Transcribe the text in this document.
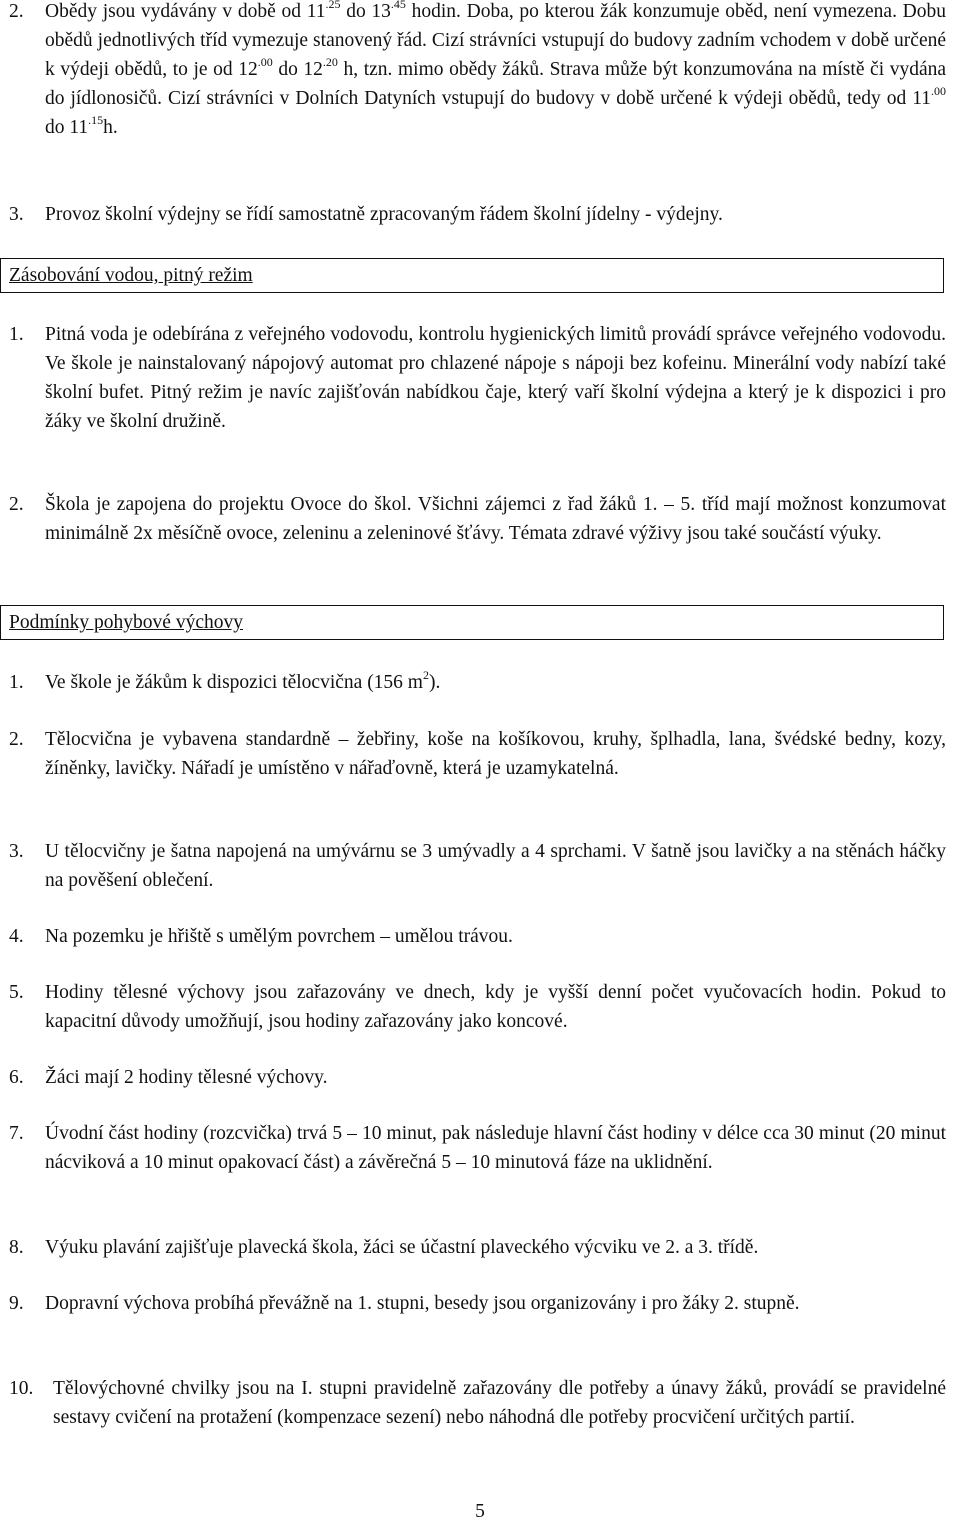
2. Obědy jsou vydávány v době od $11^{.25}$ do $13^{.45}$ hodin. Doba, po kterou žák konzumuje oběd, není vymezena. Dobu obědů jednotlivých tříd vymezuje stanovený řád. Cizí strávníci vstupují do budovy zadním vchodem v době určené k výdeji obědů, to je od $12^{.00}$ do $12^{.20}$ h, tzn. mimo obědy žáků. Strava může být konzumována na místě či vydána do jídlonosičů. Cizí strávníci v Dolních Datyních vstupují do budovy v době určené k výdeji obědů, tedy od $11^{.00}$ do $11^{.15}h$.
3. Provoz školní výdejny se řídí samostatně zpracovaným řádem školní jídelny - výdejny.
Zásobování vodou, pitný režim
1. Pitná voda je odebírána z veřejného vodovodu, kontrolu hygienických limitů provádí správce veřejného vodovodu. Ve škole je nainstalovaný nápojový automat pro chlazené nápoje s nápoji bez kofeinu. Minerální vody nabízí také školní bufet. Pitný režim je navíc zajišťován nabídkou čaje, který vaří školní výdejna a který je k dispozici i pro žáky ve školní družině.
2. Škola je zapojena do projektu Ovoce do škol. Všichni zájemci z řad žáků 1. – 5. tříd mají možnost konzumovat minimálně 2x měsíčně ovoce, zeleninu a zeleninové šťávy. Témata zdravé výživy jsou také součástí výuky.
Podmínky pohybové výchovy
1. Ve škole je žákům k dispozici tělocvična (156 $m^2$).
2. Tělocvična je vybavena standardně – žebřiny, koše na košíkovou, kruhy, šplhadla, lana, švédské bedny, kozy, žíněnky, lavičky. Nářadí je umístěno v nářaďovně, která je uzamykatelná.
3. U tělocvičny je šatna napojená na umývárnu se 3 umývadly a 4 sprchami. V šatně jsou lavičky a na stěnách háčky na pověšení oblečení.
4. Na pozemku je hřiště s umělým povrchem – umělou trávou.
5. Hodiny tělesné výchovy jsou zařazovány ve dnech, kdy je vyšší denní počet vyučovacích hodin. Pokud to kapacitní důvody umožňují, jsou hodiny zařazovány jako koncové.
6. Žáci mají 2 hodiny tělesné výchovy.
7. Úvodní část hodiny (rozcvička) trvá 5 – 10 minut, pak následuje hlavní část hodiny v délce cca 30 minut (20 minut nácviková a 10 minut opakovací část) a závěrečná 5 – 10 minutová fáze na uklidnění.
8. Výuku plavání zajišťuje plavecká škola, žáci se účastní plaveckého výcviku ve 2. a 3. třídě.
9. Dopravní výchova probíhá převážně na 1. stupni, besedy jsou organizovány i pro žáky 2. stupně.
10. Tělovýchovné chvilky jsou na I. stupni pravidelně zařazovány dle potřeby a únavy žáků, provádí se pravidelné sestavy cvičení na protažení (kompenzace sezení) nebo náhodná dle potřeby procvičení určitých partií.
5
